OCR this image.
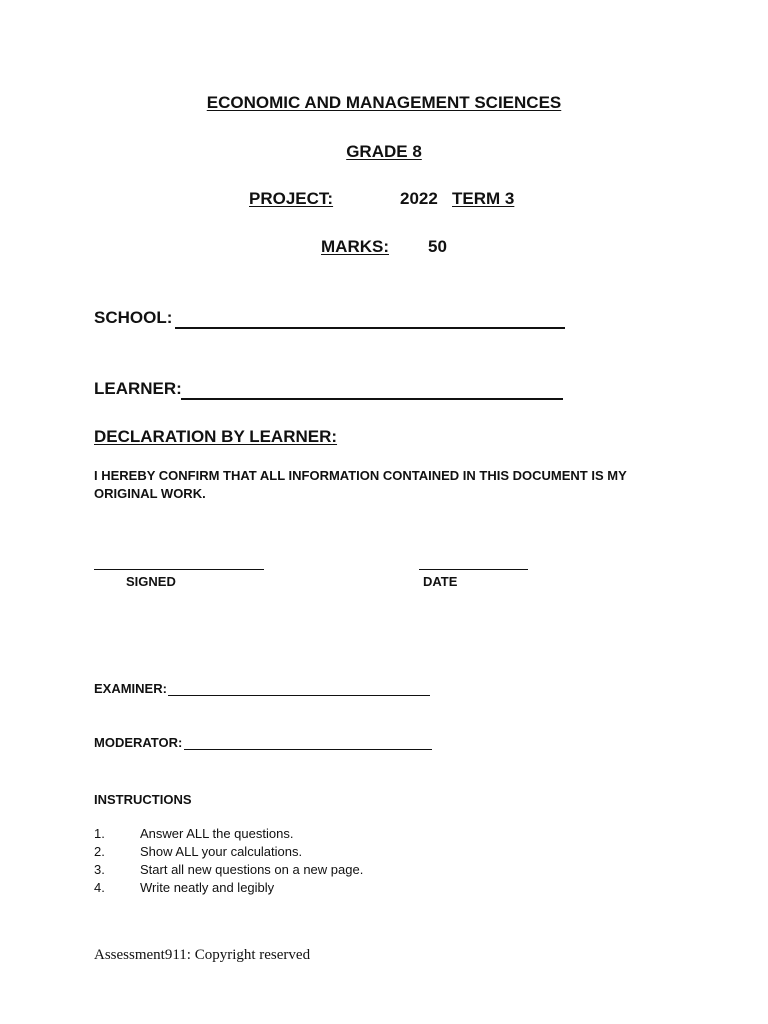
ECONOMIC AND MANAGEMENT SCIENCES
GRADE 8
PROJECT:	2022 TERM 3
MARKS: 50
SCHOOL:
LEARNER:
DECLARATION BY LEARNER:
I HEREBY CONFIRM THAT ALL INFORMATION CONTAINED IN THIS DOCUMENT IS MY ORIGINAL WORK.
SIGNED	DATE
EXAMINER:
MODERATOR:
INSTRUCTIONS
1.	Answer ALL the questions.
2.	Show ALL your calculations.
3.	Start all new questions on a new page.
4.	Write neatly and legibly
Assessment911: Copyright reserved
